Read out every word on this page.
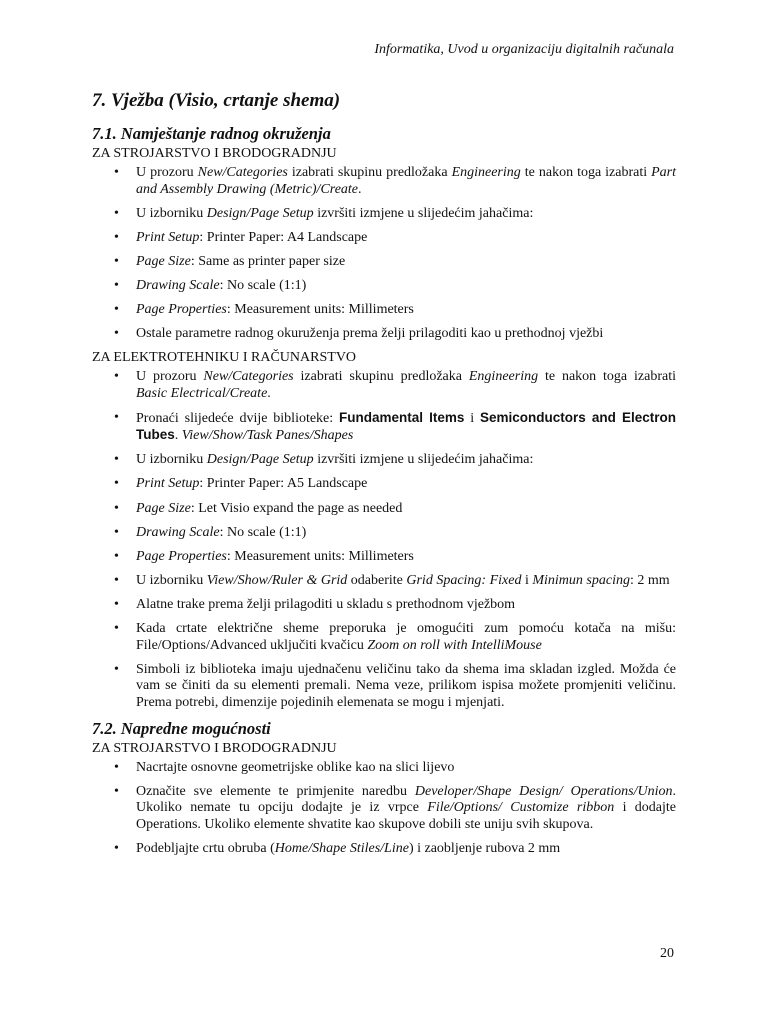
Informatika, Uvod u organizaciju digitalnih računala
7. Vježba (Visio, crtanje shema)
7.1. Namještanje radnog okruženja
ZA STROJARSTVO I BRODOGRADNJU
• U prozoru New/Categories izabrati skupinu predložaka Engineering te nakon toga izabrati Part and Assembly Drawing (Metric)/Create.
• U izborniku Design/Page Setup izvršiti izmjene u slijedećim jahačima:
• Print Setup: Printer Paper: A4 Landscape
• Page Size: Same as printer paper size
• Drawing Scale: No scale (1:1)
• Page Properties: Measurement units: Millimeters
• Ostale parametre radnog okuruženja prema želji prilagoditi kao u prethodnoj vježbi
ZA ELEKTROTEHNIKU I RAČUNARSTVO
• U prozoru New/Categories izabrati skupinu predložaka Engineering te nakon toga izabrati Basic Electrical/Create.
• Pronaći slijedeće dvije biblioteke: Fundamental Items i Semiconductors and Electron Tubes. View/Show/Task Panes/Shapes
• U izborniku Design/Page Setup izvršiti izmjene u slijedećim jahačima:
• Print Setup: Printer Paper: A5 Landscape
• Page Size: Let Visio expand the page as needed
• Drawing Scale: No scale (1:1)
• Page Properties: Measurement units: Millimeters
• U izborniku View/Show/Ruler & Grid odaberite Grid Spacing: Fixed i Minimun spacing: 2 mm
• Alatne trake prema želji prilagoditi u skladu s prethodnom vježbom
• Kada crtate električne sheme preporuka je omogućiti zum pomoću kotača na mišu: File/Options/Advanced uključiti kvačicu Zoom on roll with IntelliMouse
• Simboli iz biblioteka imaju ujednačenu veličinu tako da shema ima skladan izgled. Možda će vam se činiti da su elementi premali. Nema veze, prilikom ispisa možete promjeniti veličinu. Prema potrebi, dimenzije pojedinih elemenata se mogu i mjenjati.
7.2. Napredne mogućnosti
ZA STROJARSTVO I BRODOGRADNJU
• Nacrtajte osnovne geometrijske oblike kao na slici lijevo
• Označite sve elemente te primjenite naredbu Developer/Shape Design/ Operations/Union. Ukoliko nemate tu opciju dodajte je iz vrpce File/Options/ Customize ribbon i dodajte Operations. Ukoliko elemente shvatite kao skupove dobili ste uniju svih skupova.
• Podebljajte crtu obruba (Home/Shape Stiles/Line) i zaobljenje rubova 2 mm
20
